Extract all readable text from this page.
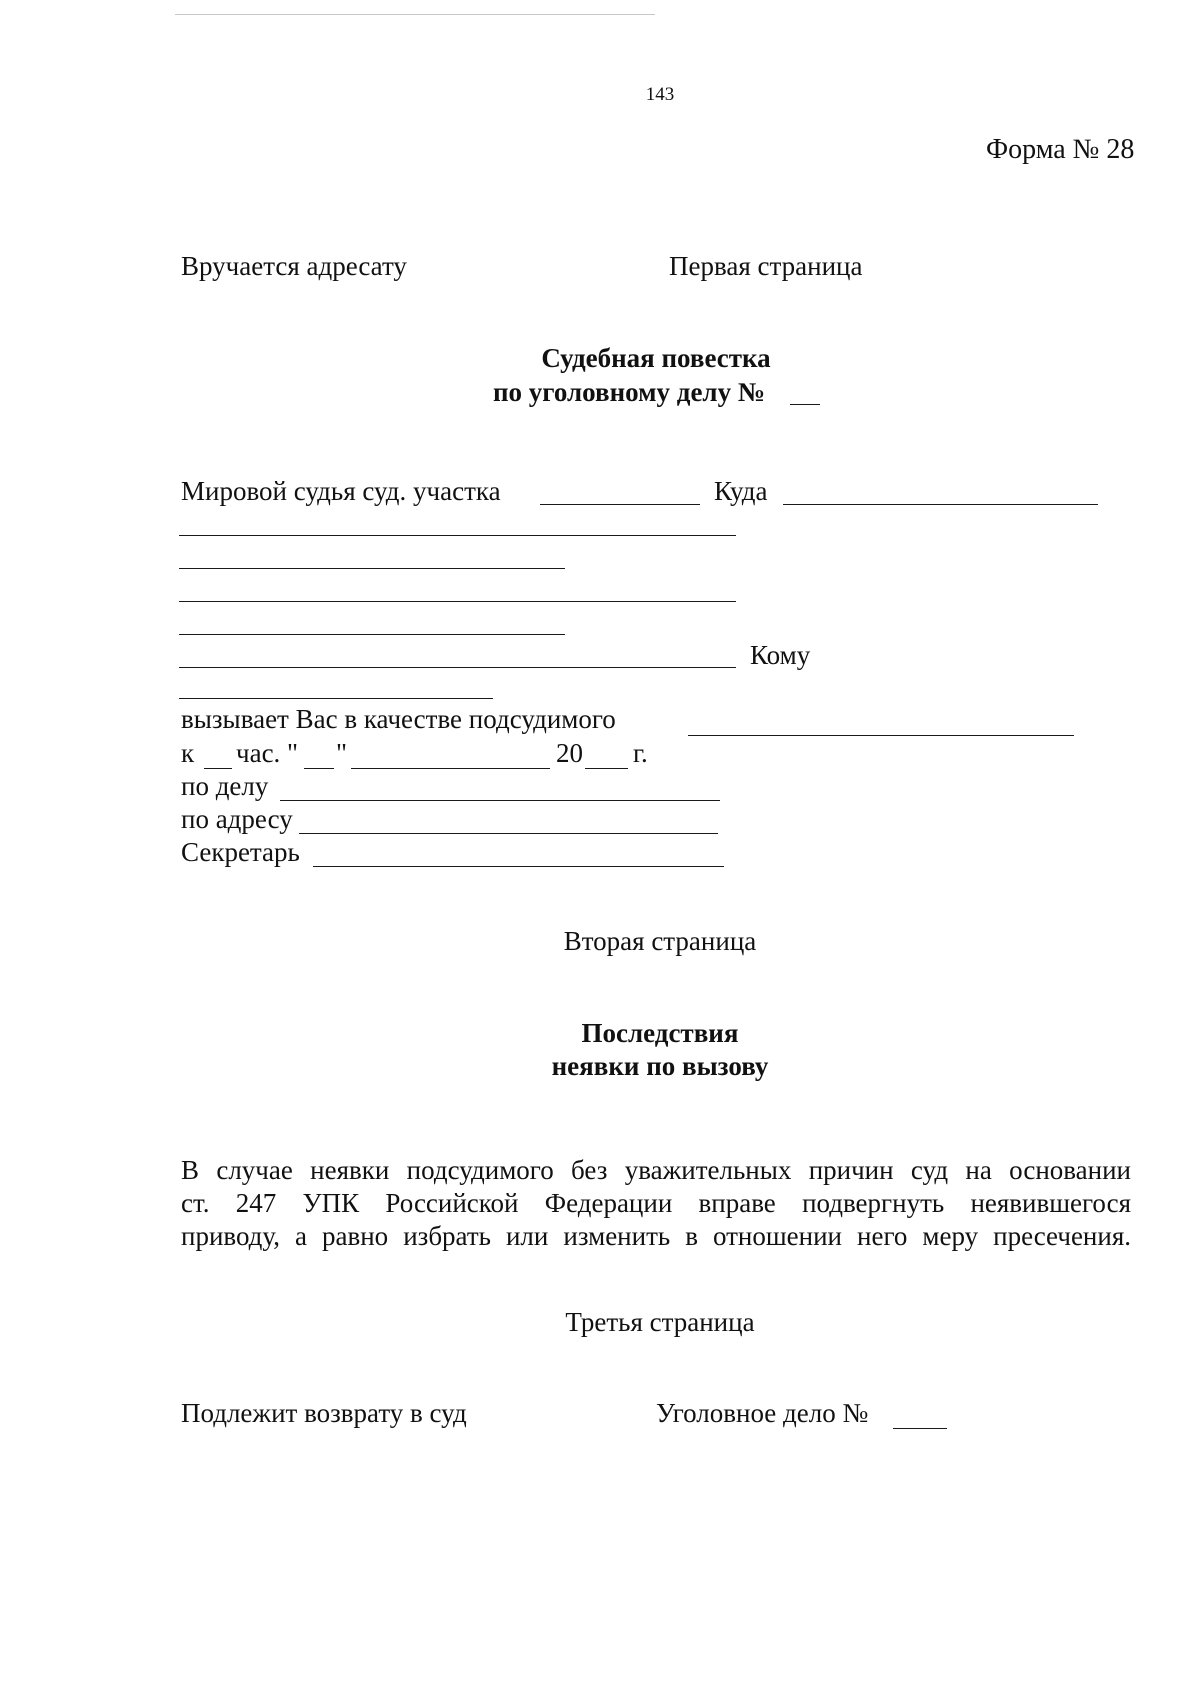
143
Форма № 28
Вручается адресату	Первая страница
Судебная повестка
по уголовному делу №
Мировой судья суд. участка	Куда
Кому
вызывает Вас в качестве подсудимого
к час. " "	20 г.
по делу
по адресу
Секретарь
Вторая страница
Последствия
неявки по вызову
В случае неявки подсудимого без уважительных причин суд на основании
ст. 247 УПК Российской Федерации вправе подвергнуть неявившегося
приводу, а равно избрать или изменить в отношении него меру пресечения.
Третья страница
Подлежит возврату в суд	Уголовное дело №
